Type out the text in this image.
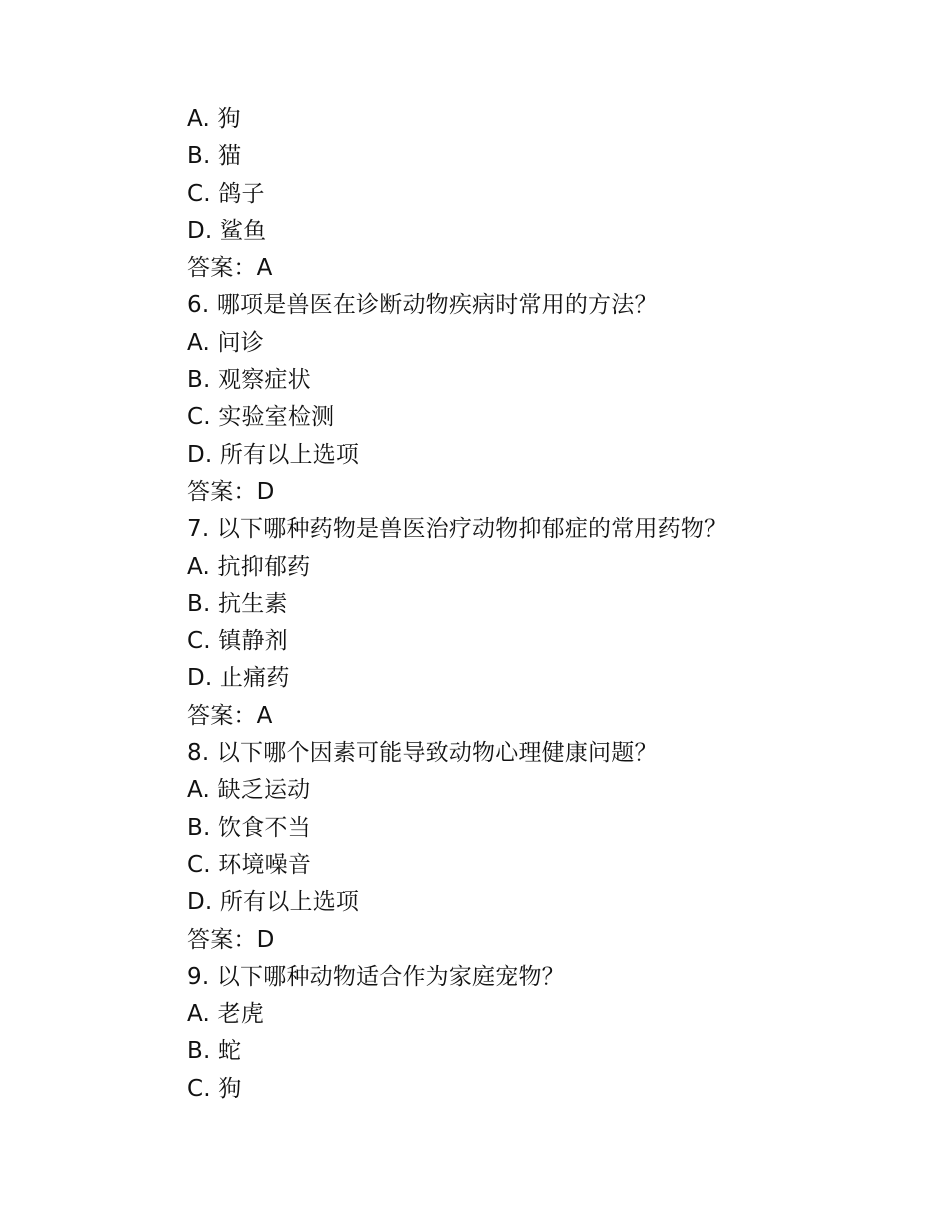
A. 狗
B. 猫
C. 鸽子
D. 鲨鱼
答案：A
6. 哪项是兽医在诊断动物疾病时常用的方法？
A. 问诊
B. 观察症状
C. 实验室检测
D. 所有以上选项
答案：D
7. 以下哪种药物是兽医治疗动物抑郁症的常用药物？
A. 抗抑郁药
B. 抗生素
C. 镇静剂
D. 止痛药
答案：A
8. 以下哪个因素可能导致动物心理健康问题？
A. 缺乏运动
B. 饮食不当
C. 环境噪音
D. 所有以上选项
答案：D
9. 以下哪种动物适合作为家庭宠物？
A. 老虎
B. 蛇
C. 狗
